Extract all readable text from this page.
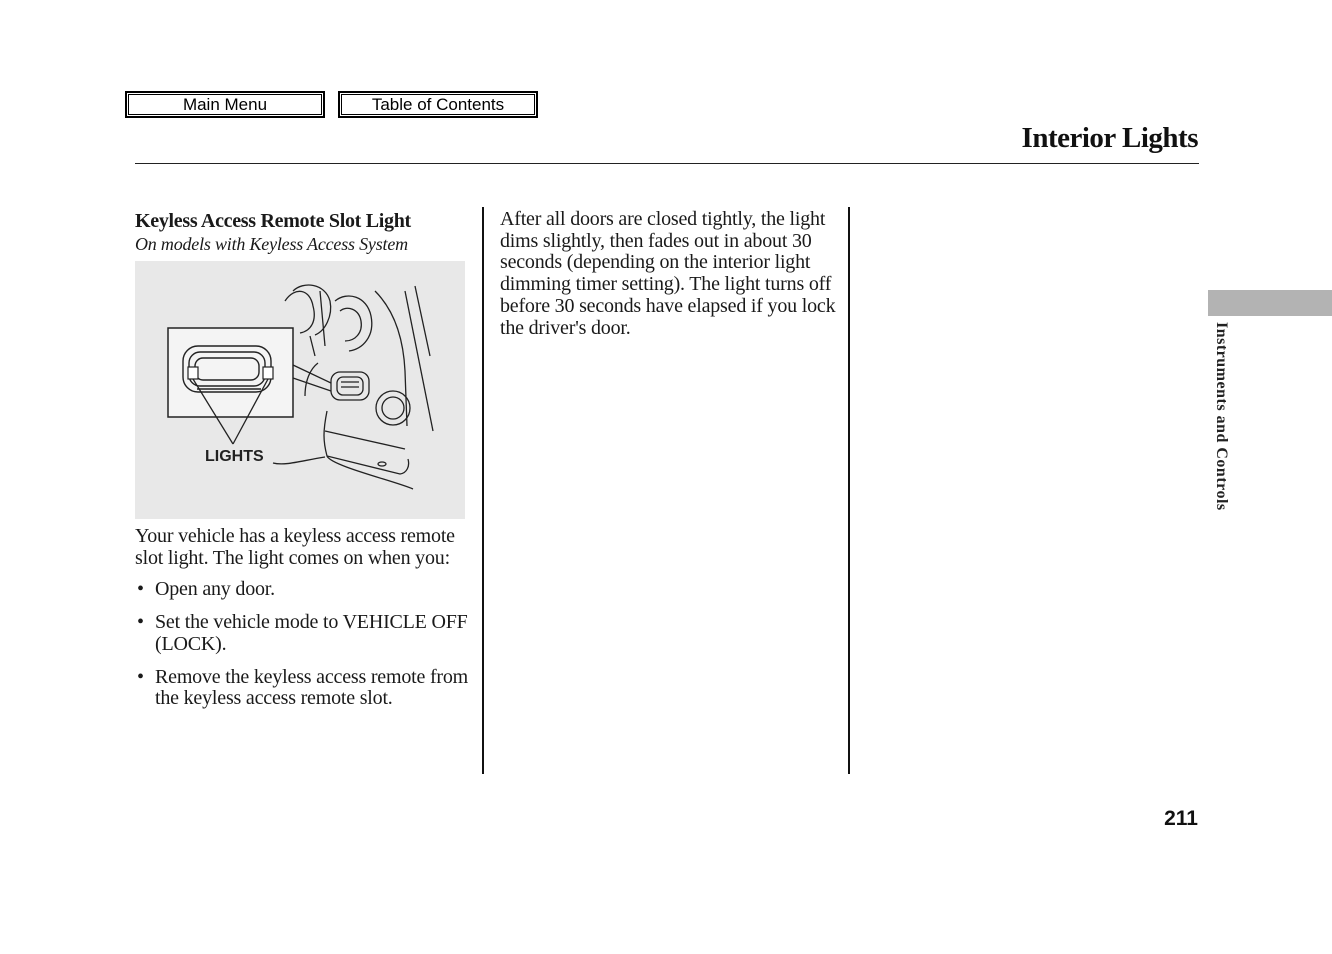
Main Menu	Table of Contents
Interior Lights
Keyless Access Remote Slot Light
On models with Keyless Access System
LIGHTS
Your vehicle has a keyless access remote slot light. The light comes on when you:
• Open any door.
• Set the vehicle mode to VEHICLE OFF (LOCK).
• Remove the keyless access remote from the keyless access remote slot.
After all doors are closed tightly, the light dims slightly, then fades out in about 30 seconds (depending on the interior light dimming timer setting). The light turns off before 30 seconds have elapsed if you lock the driver's door.	Instruments and Controls
211
